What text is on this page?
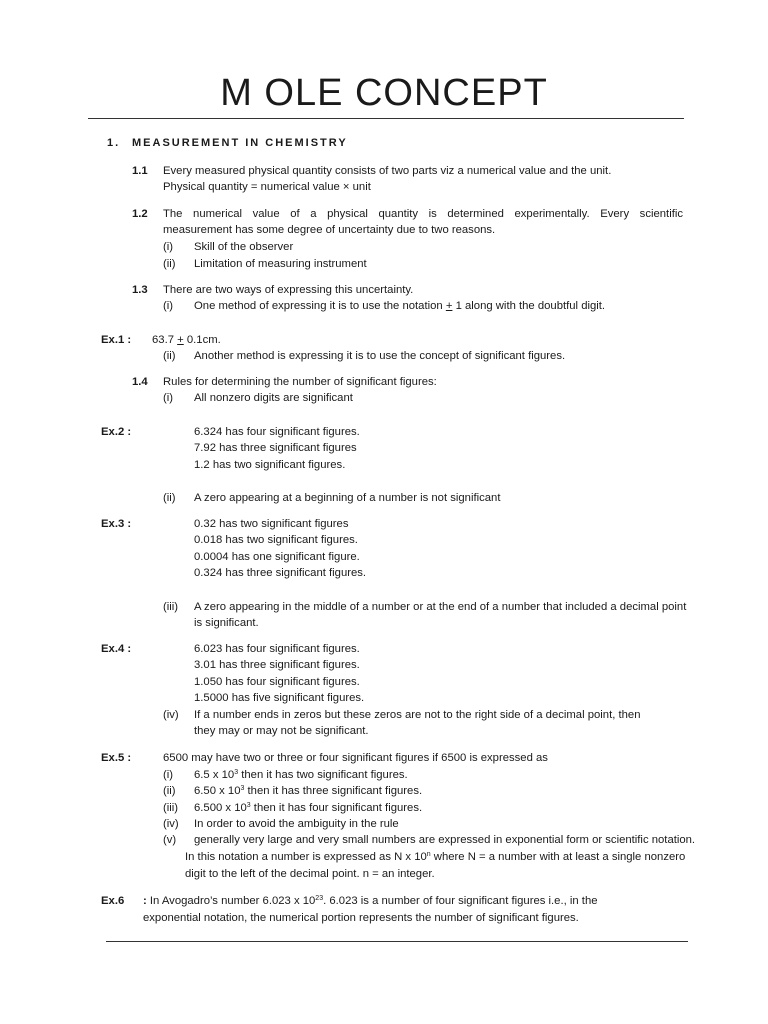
M OLE CONCEPT
1. MEASUREMENT IN CHEMISTRY
1.1 Every measured physical quantity consists of two parts viz a numerical value and the unit.
Physical quantity = numerical value × unit
1.2 The numerical value of a physical quantity is determined experimentally. Every scientific
measurement has some degree of uncertainty due to two reasons.
(i) Skill of the observer
(ii) Limitation of measuring instrument
1.3 There are two ways of expressing this uncertainty.
(i) One method of expressing it is to use the notation + 1 along with the doubtful digit.
Ex.1 : 63.7 + 0.1cm.
(ii) Another method is expressing it is to use the concept of significant figures.
1.4 Rules for determining the number of significant figures:
(i) All nonzero digits are significant
Ex.2 :	6.324 has four significant figures.
7.92 has three significant figures
1.2 has two significant figures.
(ii) A zero appearing at a beginning of a number is not significant
Ex.3 :	0.32 has two significant figures
0.018 has two significant figures.
0.0004 has one significant figure.
0.324 has three significant figures.
(iii) A zero appearing in the middle of a number or at the end of a number that included a decimal point
is significant.
Ex.4 :	6.023 has four significant figures.
3.01 has three significant figures.
1.050 has four significant figures.
1.5000 has five significant figures.
(iv) If a number ends in zeros but these zeros are not to the right side of a decimal point, then
they may or may not be significant.
Ex.5 :	6500 may have two or three or four significant figures if 6500 is expressed as
(i) 6.5 x $10^3$ then it has two significant figures.
(ii) 6.50 x $10^3$ then it has three significant figures.
(iii) 6.500 x $10^3$ then it has four significant figures.
(iv) In order to avoid the ambiguity in the rule
(v) generally very large and very small numbers are expressed in exponential form or scientific notation.
In this notation a number is expressed as N x 10$^n$ where N = a number with at least a single nonzero
digit to the left of the decimal point. n = an integer.
Ex.6 : In Avogadro’s number 6.023 x $10^{23}$. 6.023 is a number of four significant figures i.e., in the
exponential notation, the numerical portion represents the number of significant figures.
